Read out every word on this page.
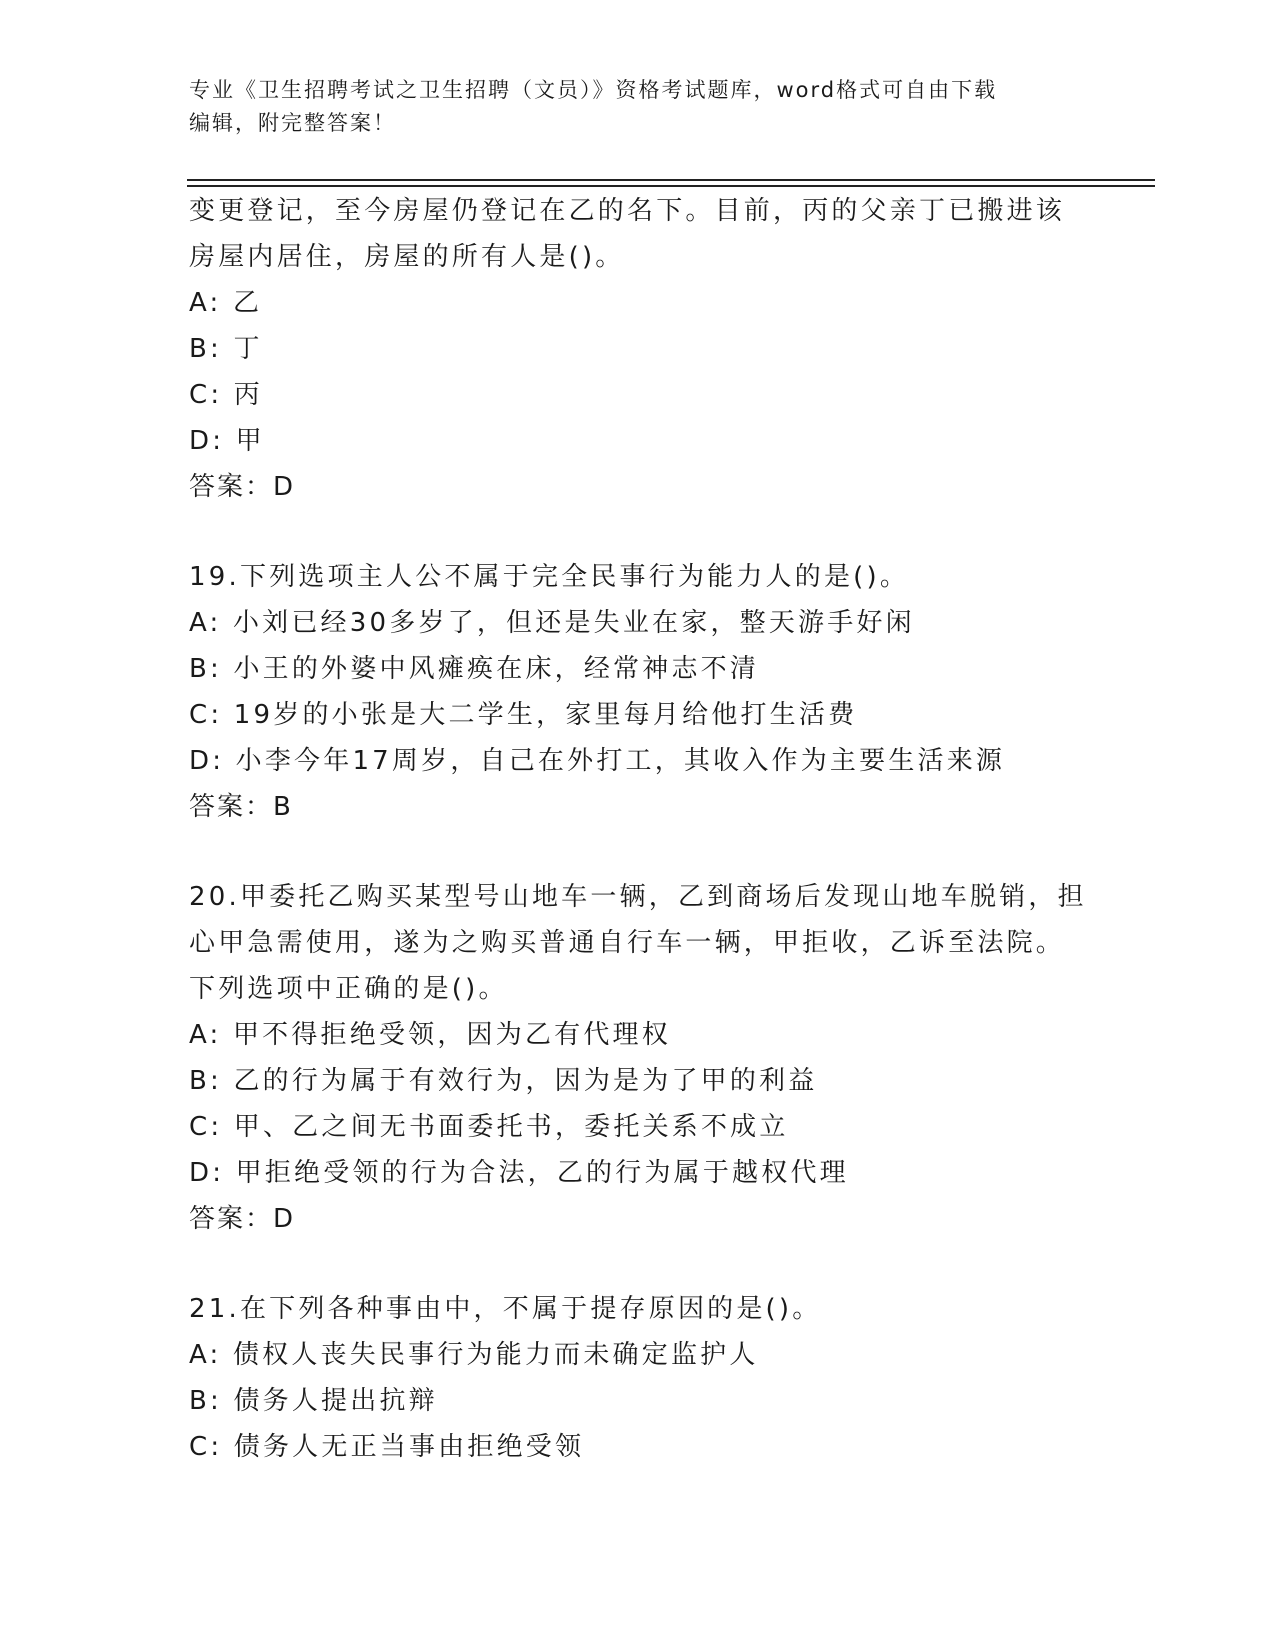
专业《卫生招聘考试之卫生招聘（文员）》资格考试题库，word格式可自由下载
编辑，附完整答案！
变更登记，至今房屋仍登记在乙的名下。目前，丙的父亲丁已搬进该
房屋内居住，房屋的所有人是()。
A: 乙
B: 丁
C: 丙
D: 甲
答案：D
19.下列选项主人公不属于完全民事行为能力人的是()。
A: 小刘已经30多岁了，但还是失业在家，整天游手好闲
B: 小王的外婆中风瘫痪在床，经常神志不清
C: 19岁的小张是大二学生，家里每月给他打生活费
D: 小李今年17周岁，自己在外打工，其收入作为主要生活来源
答案：B
20.甲委托乙购买某型号山地车一辆，乙到商场后发现山地车脱销，担
心甲急需使用，遂为之购买普通自行车一辆，甲拒收，乙诉至法院。
下列选项中正确的是()。
A: 甲不得拒绝受领，因为乙有代理权
B: 乙的行为属于有效行为，因为是为了甲的利益
C: 甲、乙之间无书面委托书，委托关系不成立
D: 甲拒绝受领的行为合法，乙的行为属于越权代理
答案：D
21.在下列各种事由中，不属于提存原因的是()。
A: 债权人丧失民事行为能力而未确定监护人
B: 债务人提出抗辩
C: 债务人无正当事由拒绝受领
